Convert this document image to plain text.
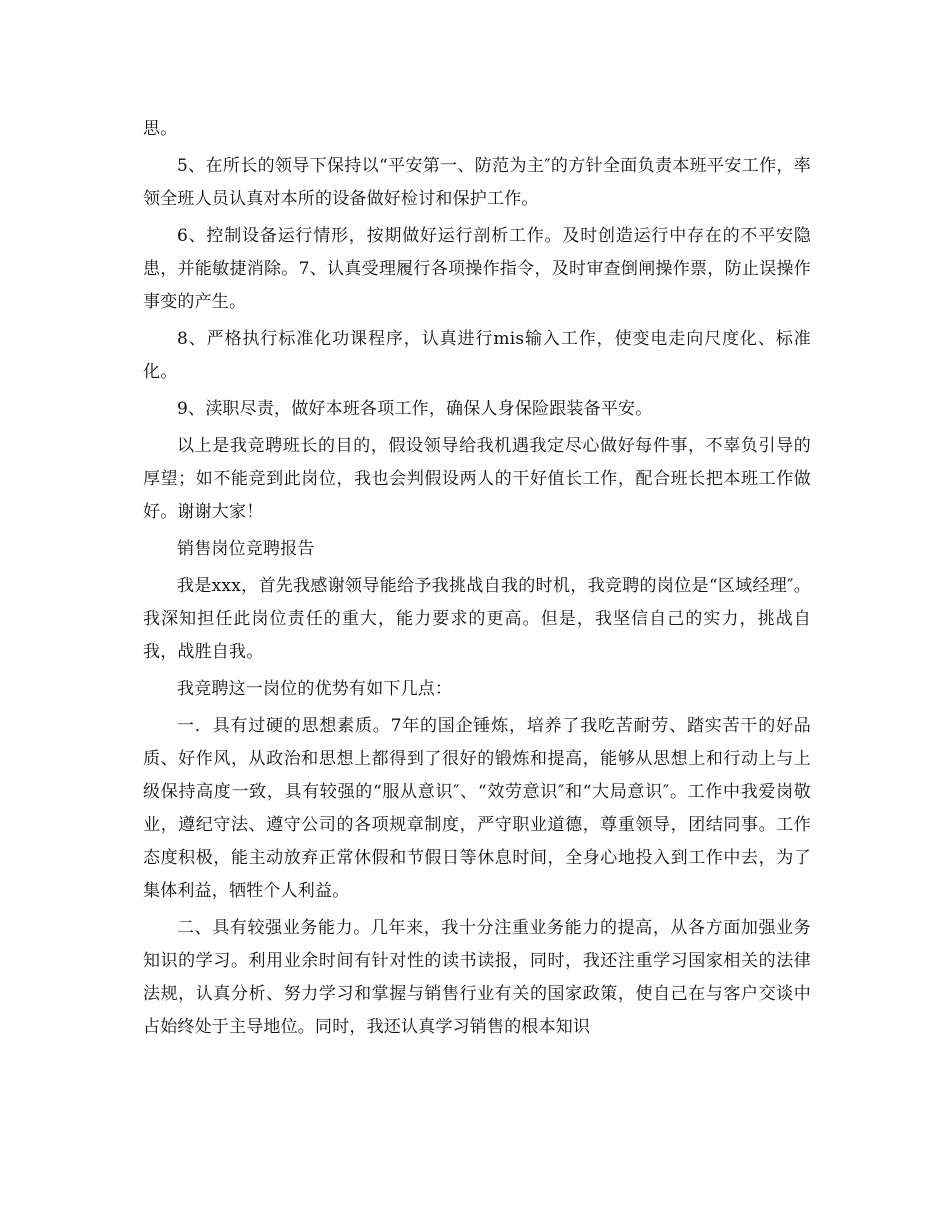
思。

5、在所长的领导下保持以“平安第一、防范为主″的方针全面负责本班平安工作，率领全班人员认真对本所的设备做好检讨和保护工作。

6、控制设备运行情形，按期做好运行剖析工作。及时创造运行中存在的不平安隐患，并能敏捷消除。7、认真受理履行各项操作指令，及时审查倒闸操作票，防止误操作事变的产生。

8、严格执行标准化功课程序，认真进行mis输入工作，使变电走向尺度化、标准化。

9、渎职尽责，做好本班各项工作，确保人身保险跟装备平安。

以上是我竞聘班长的目的，假设领导给我机遇我定尽心做好每件事，不辜负引导的厚望；如不能竞到此岗位，我也会判假设两人的干好值长工作，配合班长把本班工作做好。谢谢大家！

销售岗位竞聘报告

我是xxx，首先我感谢领导能给予我挑战自我的时机，我竞聘的岗位是“区域经理″。我深知担任此岗位责任的重大，能力要求的更高。但是，我坚信自己的实力，挑战自我，战胜自我。

我竞聘这一岗位的优势有如下几点：

一．具有过硬的思想素质。7年的国企锤炼，培养了我吃苦耐劳、踏实苦干的好品质、好作风，从政治和思想上都得到了很好的锻炼和提高，能够从思想上和行动上与上级保持高度一致，具有较强的“服从意识″、“效劳意识″和“大局意识″。工作中我爱岗敬业，遵纪守法、遵守公司的各项规章制度，严守职业道德，尊重领导，团结同事。工作态度积极，能主动放弃正常休假和节假日等休息时间，全身心地投入到工作中去，为了集体利益，牺牲个人利益。

二、具有较强业务能力。几年来，我十分注重业务能力的提高，从各方面加强业务知识的学习。利用业余时间有针对性的读书读报，同时，我还注重学习国家相关的法律法规，认真分析、努力学习和掌握与销售行业有关的国家政策，使自己在与客户交谈中占始终处于主导地位。同时，我还认真学习销售的根本知识
